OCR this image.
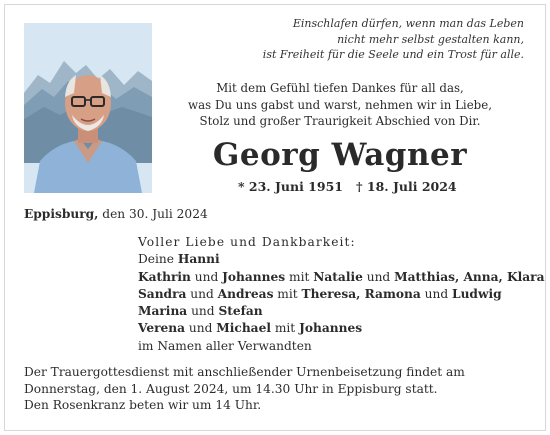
Einschlafen dürfen, wenn man das Leben
nicht mehr selbst gestalten kann,
ist Freiheit für die Seele und ein Trost für alle.
Mit dem Gefühl tiefen Dankes für all das,
was Du uns gabst und warst, nehmen wir in Liebe,
Stolz und großer Traurigkeit Abschied von Dir.
Georg Wagner
* 23. Juni 1951 † 18. Juli 2024
Eppisburg, den 30. Juli 2024
Voller Liebe und Dankbarkeit:
Deine Hanni
Kathrin und Johannes mit Natalie und Matthias, Anna, Klara
Sandra und Andreas mit Theresa, Ramona und Ludwig
Marina und Stefan
Verena und Michael mit Johannes
im Namen aller Verwandten
Der Trauergottesdienst mit anschließender Urnenbeisetzung findet am
Donnerstag, den 1. August 2024, um 14.30 Uhr in Eppisburg statt.
Den Rosenkranz beten wir um 14 Uhr.
